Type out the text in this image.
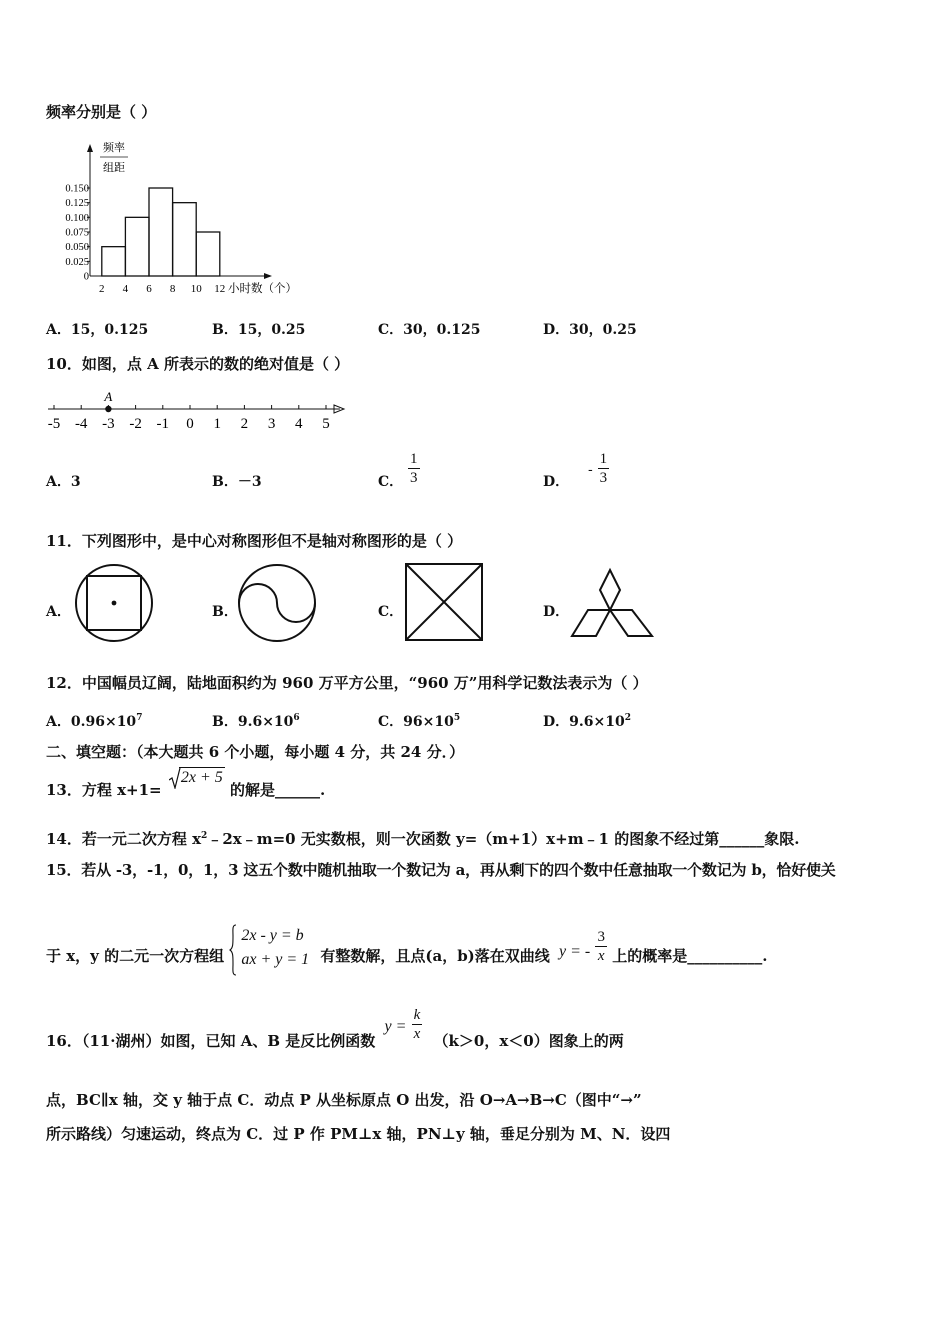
频率分别是（ ）
频率
组距
0.150
0.125
0.100
0.075
0.050
0.025
0
2 4 6 8 10 12 小时数（个）
A．15，0.125	B．15，0.25	C．30，0.125	D．30，0.25
10．如图，点 A 所表示的数的绝对值是（ ）
-5 -4 -3 -2 -1 0 1 2 3 4 5
A
A．3	B．－3	C． $\frac{1}{3}$	D． - $\frac{1}{3}$
11．下列图形中，是中心对称图形但不是轴对称图形的是（ ）
A．	B．	C．	D．
12．中国幅员辽阔，陆地面积约为 960 万平方公里，“960 万”用科学记数法表示为（ ）
A．$0.96\times 10^7$	B．$9.6\times 10^6$	C．$96\times 10^5$	D．$9.6\times 10^2$
二、填空题：（本大题共 6 个小题，每小题 4 分，共 24 分．）
13．方程 x+1=
2x + 5 的解是______.
14．若一元二次方程 $x^2﹣2x﹣m=0$ 无实数根，则一次函数 y=（m+1）x+m﹣1 的图象不经过第______象限.
15．若从 -3，-1，0，1，3 这五个数中随机抽取一个数记为 a，再从剩下的四个数中任意抽取一个数记为 b，恰好使关
于 x，y 的二元一次方程组
2x - y = b
ax + y = 1 有整数解，且点(a，b)落在双曲线 y = - $\frac{3}{x}$ 上的概率是__________.
16．（11·湖州）如图，已知 A、B 是反比例函数 $y = \frac{k}{x} (k>0$，x＜0）图象上的两
点，BC∥x 轴，交 y 轴于点 C．动点 P 从坐标原点 O 出发，沿 O→A→B→C（图中“→”
所示路线）匀速运动，终点为 C．过 P 作 PM⊥x 轴，PN⊥y 轴，垂足分别为 M、N．设四
